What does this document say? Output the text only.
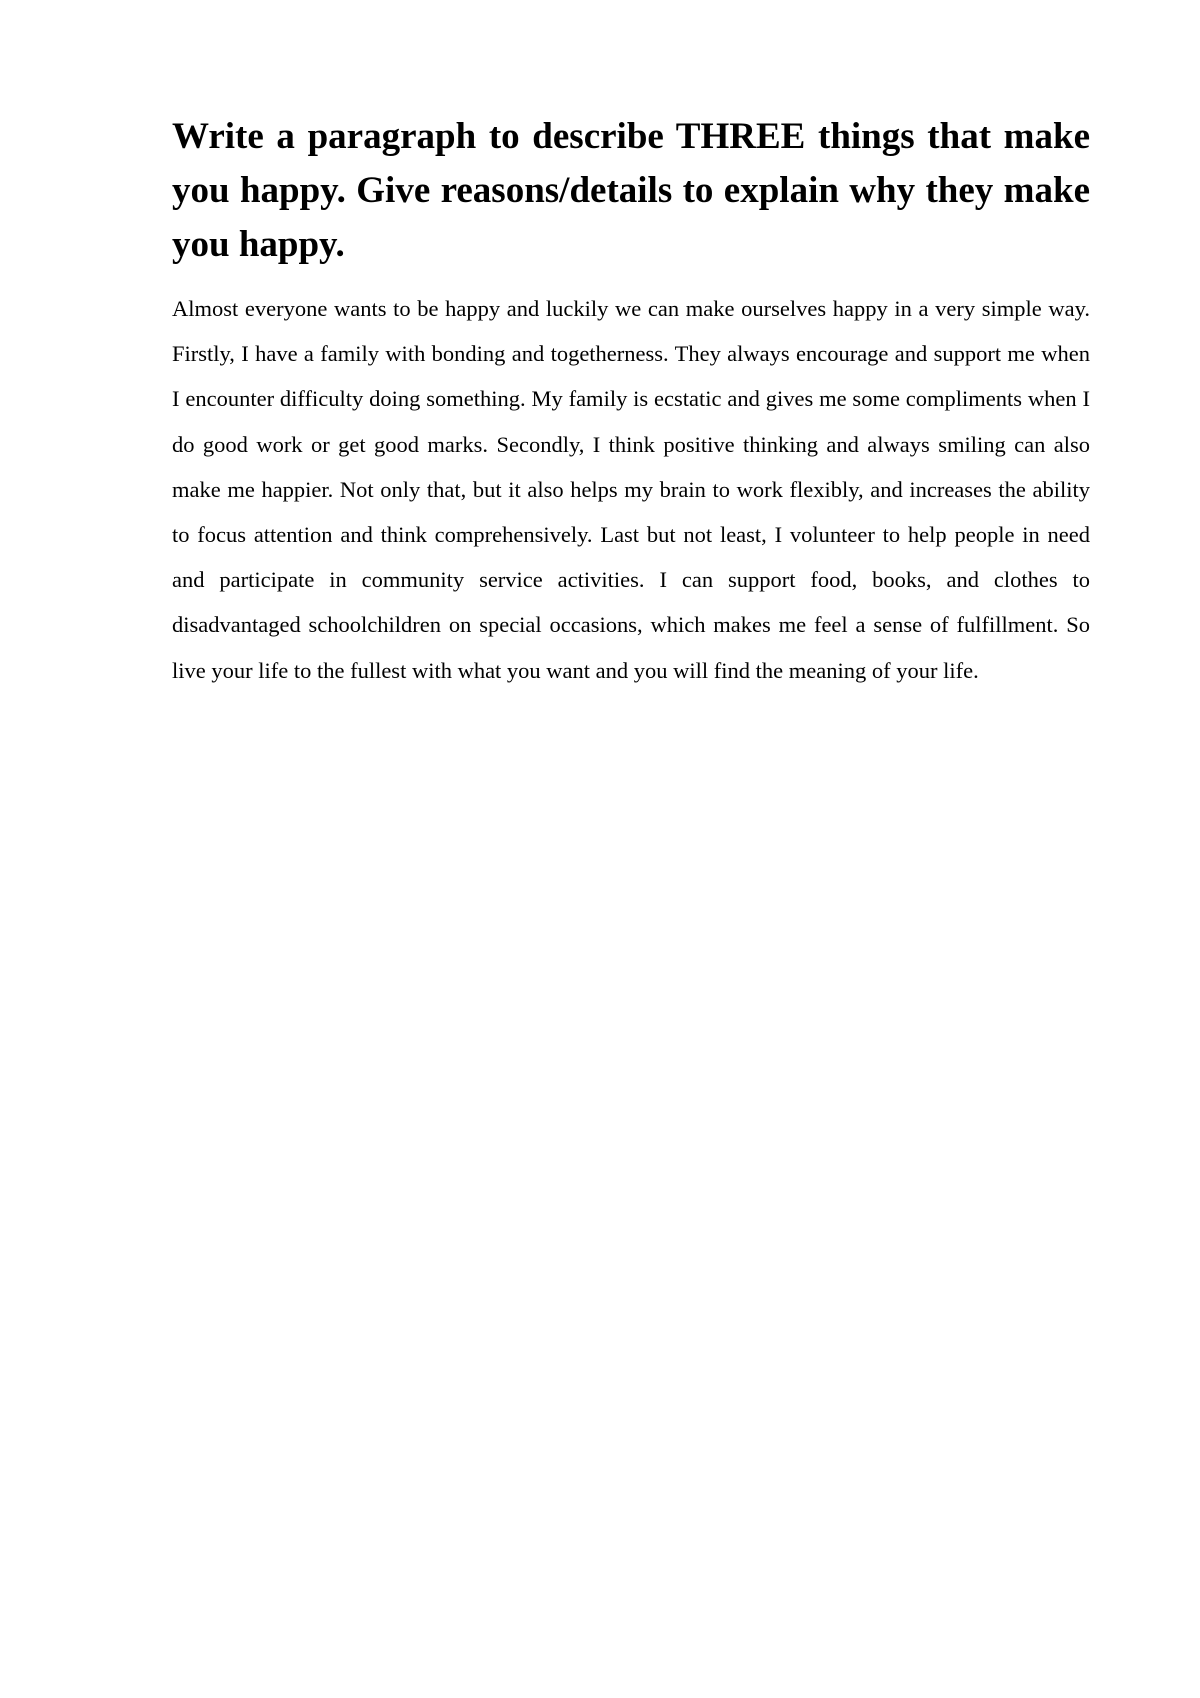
Write a paragraph to describe THREE things that make you happy. Give reasons/details to explain why they make you happy.

Almost everyone wants to be happy and luckily we can make ourselves happy in a very simple way. Firstly, I have a family with bonding and togetherness. They always encourage and support me when I encounter difficulty doing something. My family is ecstatic and gives me some compliments when I do good work or get good marks. Secondly, I think positive thinking and always smiling can also make me happier. Not only that, but it also helps my brain to work flexibly, and increases the ability to focus attention and think comprehensively. Last but not least, I volunteer to help people in need and participate in community service activities. I can support food, books, and clothes to disadvantaged schoolchildren on special occasions, which makes me feel a sense of fulfillment. So live your life to the fullest with what you want and you will find the meaning of your life.
